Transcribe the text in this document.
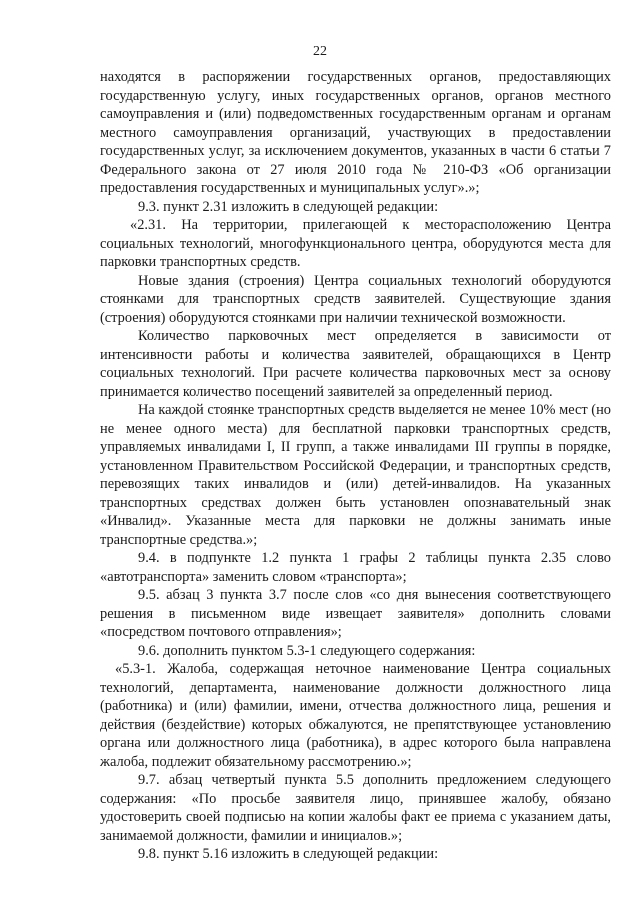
22

находятся в распоряжении государственных органов, предоставляющих государственную услугу, иных государственных органов, органов местного самоуправления и (или) подведомственных государственным органам и органам местного самоуправления организаций, участвующих в предоставлении государственных услуг, за исключением документов, указанных в части 6 статьи 7 Федерального закона от 27 июля 2010 года № 210-ФЗ «Об организации предоставления государственных и муниципальных услуг».»;

9.3. пункт 2.31 изложить в следующей редакции:

«2.31. На территории, прилегающей к месторасположению Центра социальных технологий, многофункционального центра, оборудуются места для парковки транспортных средств.

Новые здания (строения) Центра социальных технологий оборудуются стоянками для транспортных средств заявителей. Существующие здания (строения) оборудуются стоянками при наличии технической возможности.

Количество парковочных мест определяется в зависимости от интенсивности работы и количества заявителей, обращающихся в Центр социальных технологий. При расчете количества парковочных мест за основу принимается количество посещений заявителей за определенный период.

На каждой стоянке транспортных средств выделяется не менее 10% мест (но не менее одного места) для бесплатной парковки транспортных средств, управляемых инвалидами I, II групп, а также инвалидами III группы в порядке, установленном Правительством Российской Федерации, и транспортных средств, перевозящих таких инвалидов и (или) детей-инвалидов. На указанных транспортных средствах должен быть установлен опознавательный знак «Инвалид». Указанные места для парковки не должны занимать иные транспортные средства.»;

9.4. в подпункте 1.2 пункта 1 графы 2 таблицы пункта 2.35 слово «автотранспорта» заменить словом «транспорта»;

9.5. абзац 3 пункта 3.7 после слов «со дня вынесения соответствующего решения в письменном виде извещает заявителя» дополнить словами «посредством почтового отправления»;

9.6. дополнить пунктом 5.3-1 следующего содержания:

«5.3-1. Жалоба, содержащая неточное наименование Центра социальных технологий, департамента, наименование должности должностного лица (работника) и (или) фамилии, имени, отчества должностного лица, решения и действия (бездействие) которых обжалуются, не препятствующее установлению органа или должностного лица (работника), в адрес которого была направлена жалоба, подлежит обязательному рассмотрению.»;

9.7. абзац четвертый пункта 5.5 дополнить предложением следующего содержания: «По просьбе заявителя лицо, принявшее жалобу, обязано удостоверить своей подписью на копии жалобы факт ее приема с указанием даты, занимаемой должности, фамилии и инициалов.»;

9.8. пункт 5.16 изложить в следующей редакции:
